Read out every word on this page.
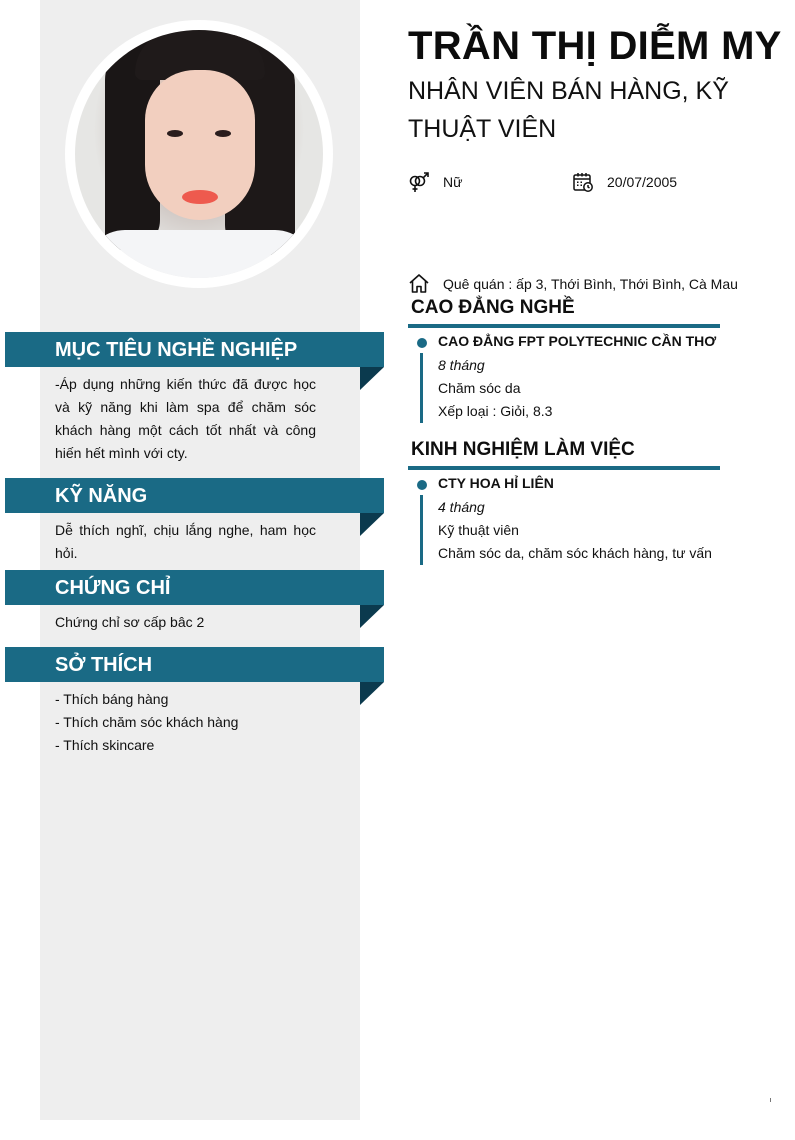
TRẦN THỊ DIỄM MY
NHÂN VIÊN BÁN HÀNG, KỸ THUẬT VIÊN
Nữ	20/07/2005
Quê quán : ấp 3, Thới Bình, Thới Bình, Cà Mau
CAO ĐẲNG NGHỀ
CAO ĐẲNG FPT POLYTECHNIC CẦN THƠ
8 tháng
Chăm sóc da
Xếp loại : Giỏi, 8.3
KINH NGHIỆM LÀM VIỆC
CTY HOA HỈ LIÊN
4 tháng
Kỹ thuật viên
Chăm sóc da, chăm sóc khách hàng, tư vấn
MỤC TIÊU NGHỀ NGHIỆP
-Áp dụng những kiến thức đã được học và kỹ năng khi làm spa để chăm sóc khách hàng một cách tốt nhất và công hiến hết mình với cty.
KỸ NĂNG
Dễ thích nghĩ, chịu lắng nghe, ham học hỏi.
CHỨNG CHỈ
Chứng chỉ sơ cấp bâc 2
SỞ THÍCH
- Thích báng hàng
- Thích chăm sóc khách hàng
- Thích skincare
